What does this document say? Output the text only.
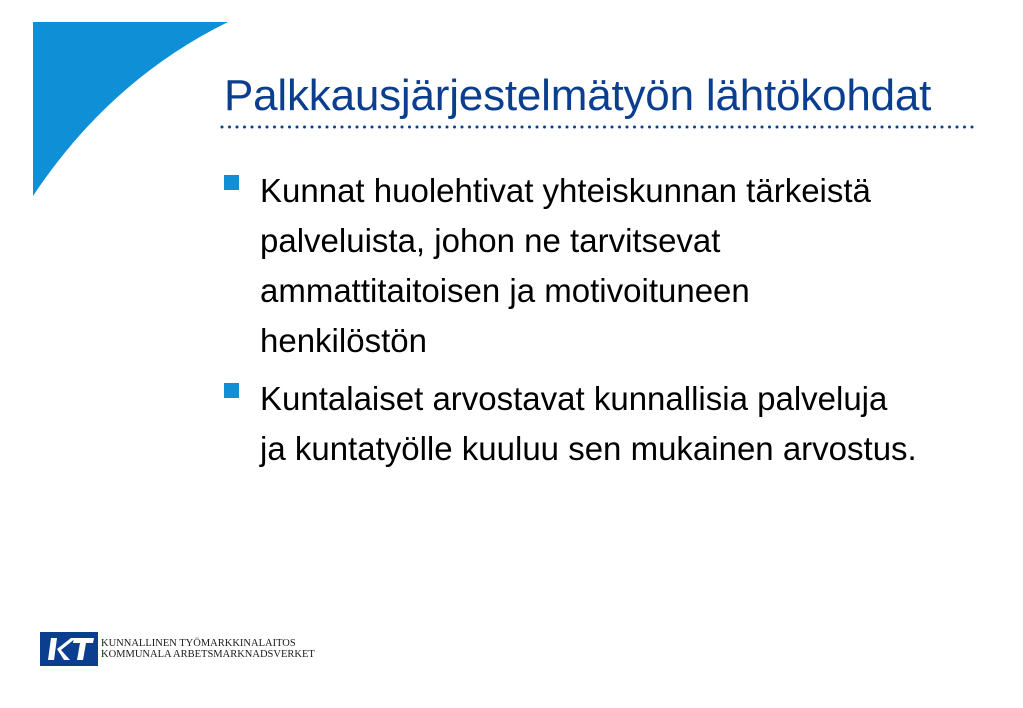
Palkkausjärjestelmätyön lähtökohdat
Kunnat huolehtivat yhteiskunnan tärkeistä palveluista, johon ne tarvitsevat ammattitaitoisen ja motivoituneen henkilöstön
Kuntalaiset arvostavat kunnallisia palveluja ja kuntatyölle kuuluu sen mukainen arvostus.
KUNNALLINEN TYÖMARKKINALAITOS
KOMMUNALA ARBETSMARKNADSVERKET
